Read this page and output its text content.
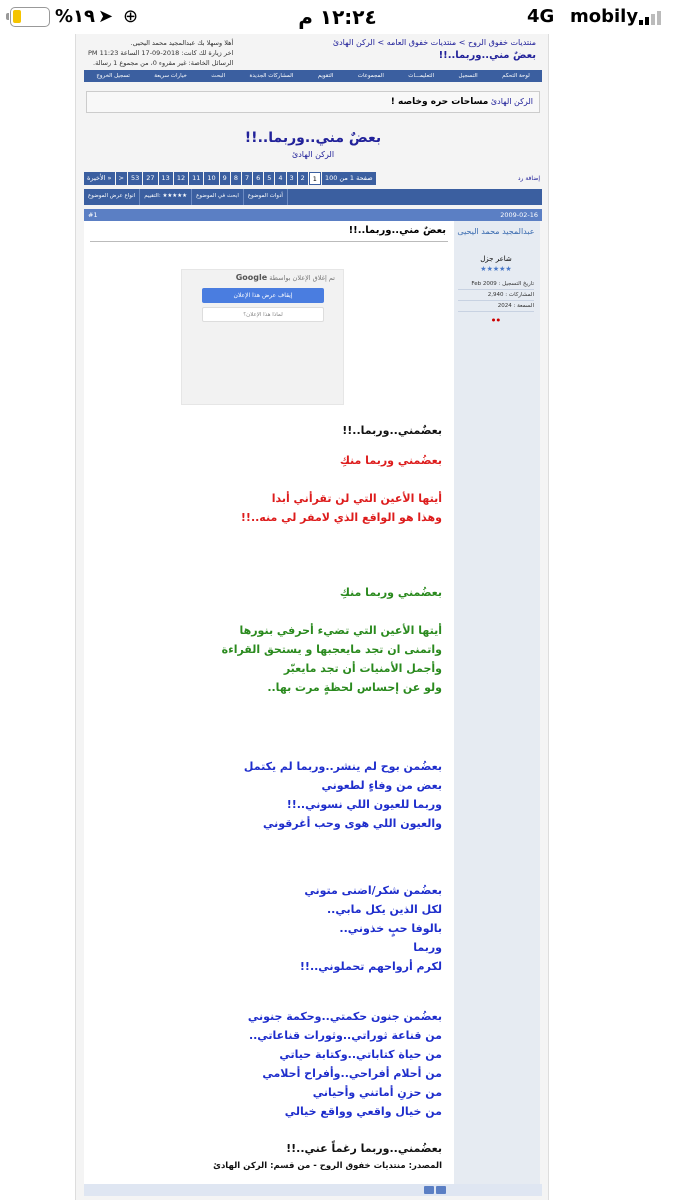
%١٩ ➤ ⊕	١٢:٢٤ م	4G mobily
منتديات خفوق الروح > منتديات خفوق العامه > الركن الهادئ
بعضٌ مني..وربما..!!
أهلا وسهلا بك عبدالمجيد محمد اليحيى.
اخر زيارة لك كانت: 2018-09-17 الساعة 11:23 PM
الرسائل الخاصة: غير مقروء 0، من مجموع 1 رسالة.
لوحة التحكم
التسجيل
التعليمـــات
المجموعات
التقويم
المشاركات الجديدة
البحث
خيارات سريعة
تسجيل الخروج
الركن الهادئ مساحات حره وخاصه !
بعضٌ مني..وربما..!!
الركن الهادئ
إضافة رد
الأخيرة »	>	53	27	13	12	11	10	9	8	7	6	5	4	3	2	1	صفحة 1 من 100
انواع عرض الموضوع	التقييم: ★★★★★	ابحث في الموضوع	أدوات الموضوع
2009-02-16
#1
عبدالمجيد محمد اليحيى
شاعر جزل
★★★★★
تاريخ التسجيل : Feb 2009
المشاركات : 2,940
السمعة : 2024
● ●
بعضٌ مني..وربما..!!
تم إغلاق الإعلان بواسطة Google
إيقاف عرض هذا الإعلان
لماذا هذا الإعلان؟
بعضٌمني..وربما..!!
بعضُمني وربما منكِ

أيتها الأعين التي لن تقرأني أبدا
وهذا هو الواقع الذي لامفر لي منه..!!
بعضُمني وربما منكِ

أيتها الأعين التي تضيء أحرفي بنورها
واتمنى ان تجد مايعجبها و يستحق القراءة
وأجمل الأمنيات أن تجد مايعبّر
ولو عن إحساس لحظةٍ مرت بها..
بعضُمن بوح لم ينشر..وربما لم يكتمل
بعض من وفاءٍ لطعوني
وربما للعيون اللي نسوني..!!
والعيون اللي هوى وحب أغرقوني
بعضُمن شكر/اضنى متوني
لكل الذين يكل مابي..
بالوفا حبٍ خذوني..
وربما
لكرم أرواحهم تحملوني..!!
بعضُمن جنون حكمتي..وحكمة جنوني
من قناعة ثوراتي..وثورات قناعاتي..
من حياة كتاباتي..وكتابة حياتي
من أحلام أفراحي..وأفراح أحلامي
من حزنِ أماتني وأحياني
من خيال واقعي وواقع خيالي
بعضُمني..وربما رغماً عني..!!
المصدر: منتديات خفوق الروح - من قسم: الركن الهادئ
